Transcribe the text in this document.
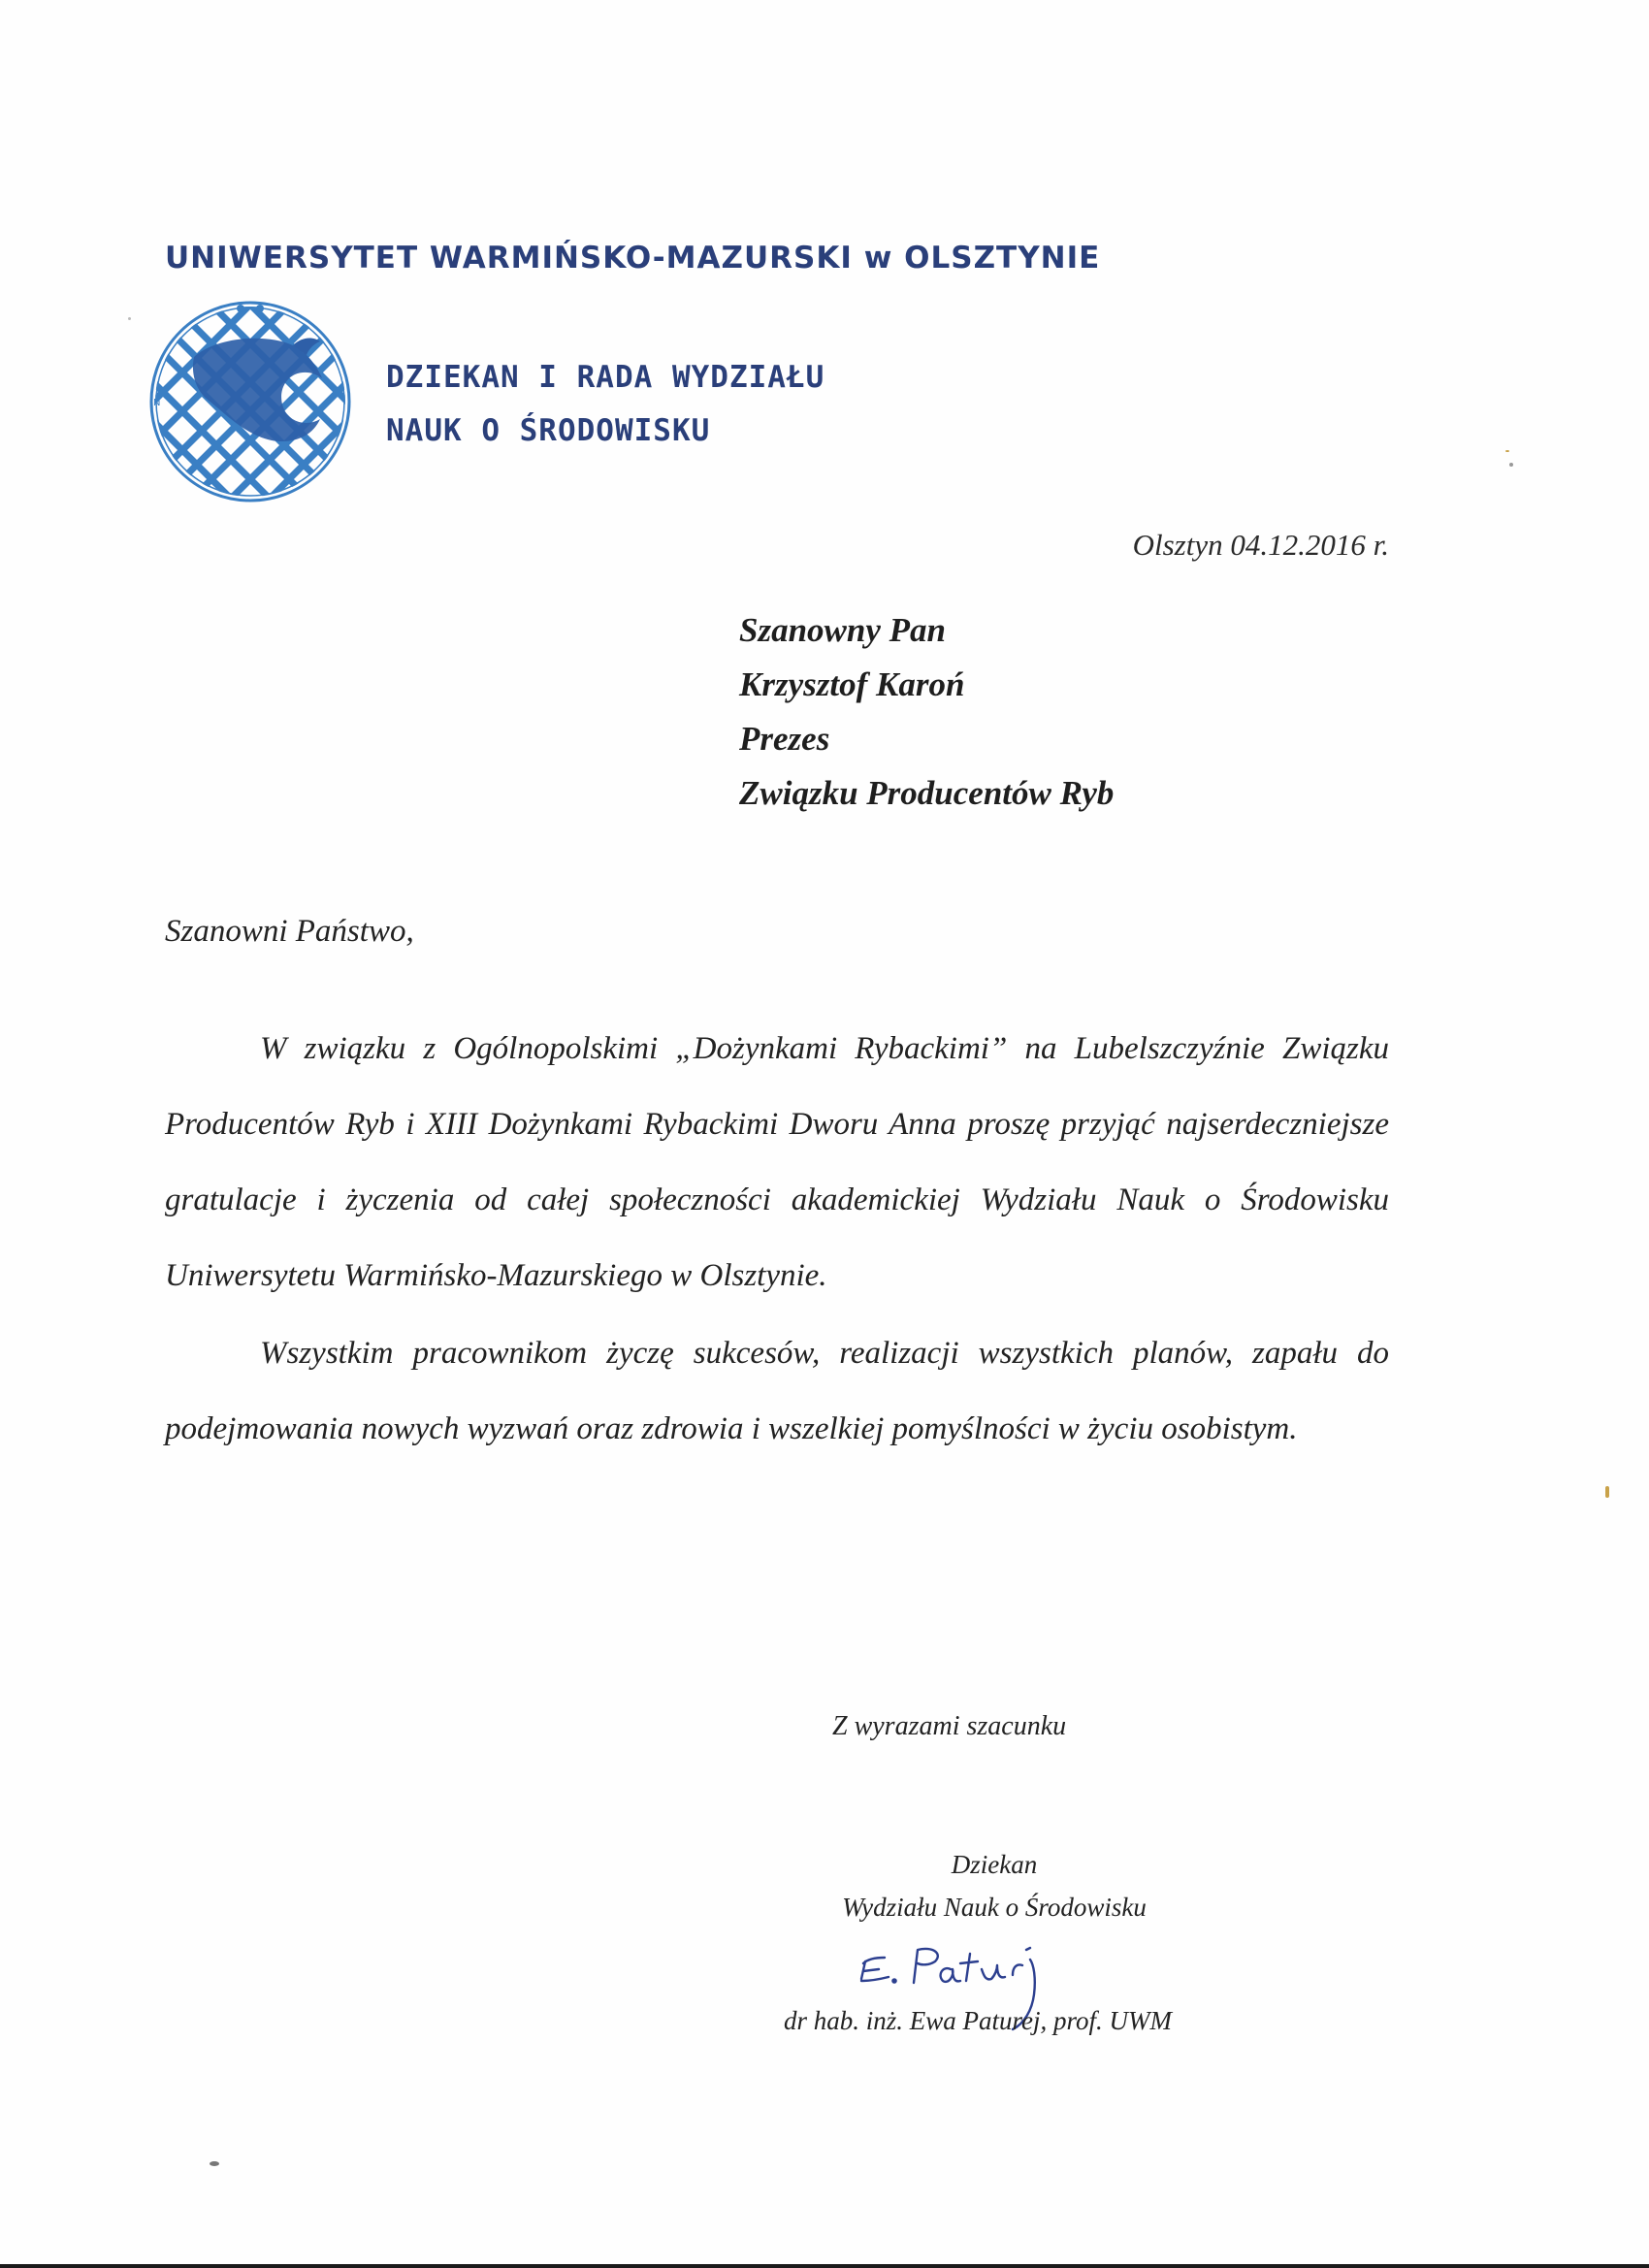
UNIWERSYTET WARMIŃSKO-MAZURSKI w OLSZTYNIE
N
DZIEKAN I RADA WYDZIAŁU
NAUK O ŚRODOWISKU
Olsztyn 04.12.2016 r.
Szanowny Pan
Krzysztof Karoń
Prezes
Związku Producentów Ryb
Szanowni Państwo,

W związku z Ogólnopolskimi „Dożynkami Rybackimi” na Lubelszczyźnie Związku Producentów Ryb i XIII Dożynkami Rybackimi Dworu Anna proszę przyjąć najserdeczniejsze gratulacje i życzenia od całej społeczności akademickiej Wydziału Nauk o Środowisku Uniwersytetu Warmińsko-Mazurskiego w Olsztynie.

Wszystkim pracownikom życzę sukcesów, realizacji wszystkich planów, zapału do podejmowania nowych wyzwań oraz zdrowia i wszelkiej pomyślności w życiu osobistym.

Z wyrazami szacunku
Dziekan
Wydziału Nauk o Środowisku
dr hab. inż. Ewa Paturej, prof. UWM
